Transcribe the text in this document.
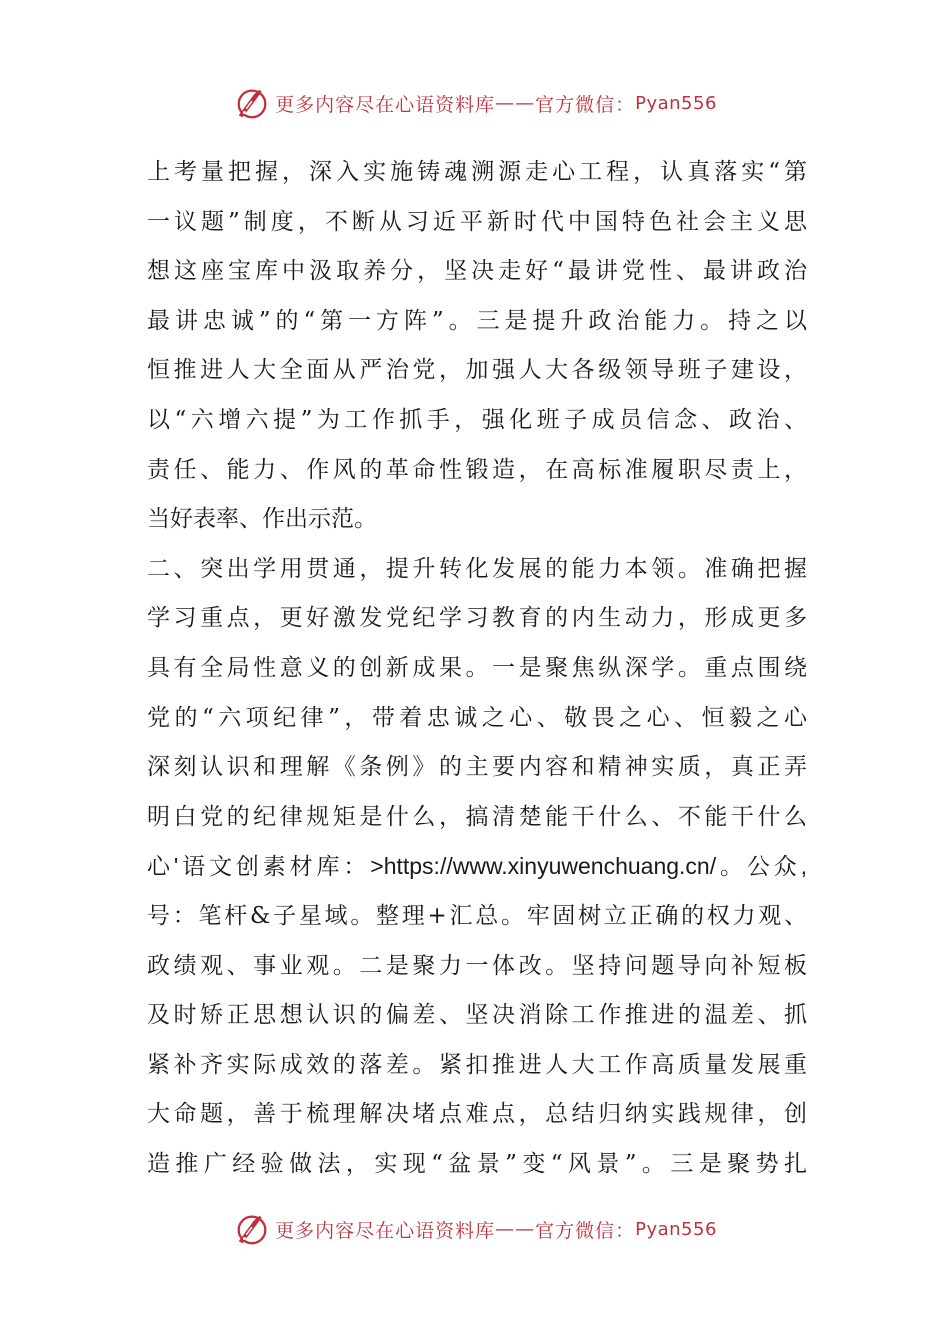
更多内容尽在心语资料库 —— 官方微信： Pyan556
上考量把握，深入实施铸魂溯源走心工程，认真落实“第
一议题”制度，不断从习近平新时代中国特色社会主义思
想这座宝库中汲取养分，坚决走好“最讲党性、最讲政治
最讲忠诚”的“第一方阵”。三是提升政治能力。持之以
恒推进人大全面从严治党，加强人大各级领导班子建设，
以“六增六提”为工作抓手，强化班子成员信念、政治、
责任、能力、作风的革命性锻造，在高标准履职尽责上，
当好表率、作出示范。
二、突出学用贯通，提升转化发展的能力本领。准确把握
学习重点，更好激发党纪学习教育的内生动力，形成更多
具有全局性意义的创新成果。一是聚焦纵深学。重点围绕
党的“六项纪律”，带着忠诚之心、敬畏之心、恒毅之心
深刻认识和理解《条例》的主要内容和精神实质，真正弄
明白党的纪律规矩是什么，搞清楚能干什么、不能干什么
心'语文创素材库：>https://www.xinyuwenchuang.cn/。公众,
号：笔杆&子星域。整理+汇总。牢固树立正确的权力观、
政绩观、事业观。二是聚力一体改。坚持问题导向补短板
及时矫正思想认识的偏差、坚决消除工作推进的温差、抓
紧补齐实际成效的落差。紧扣推进人大工作高质量发展重
大命题，善于梳理解决堵点难点，总结归纳实践规律，创
造推广经验做法，实现“盆景”变“风景”。三是聚势扎
更多内容尽在心语资料库 —— 官方微信： Pyan556
